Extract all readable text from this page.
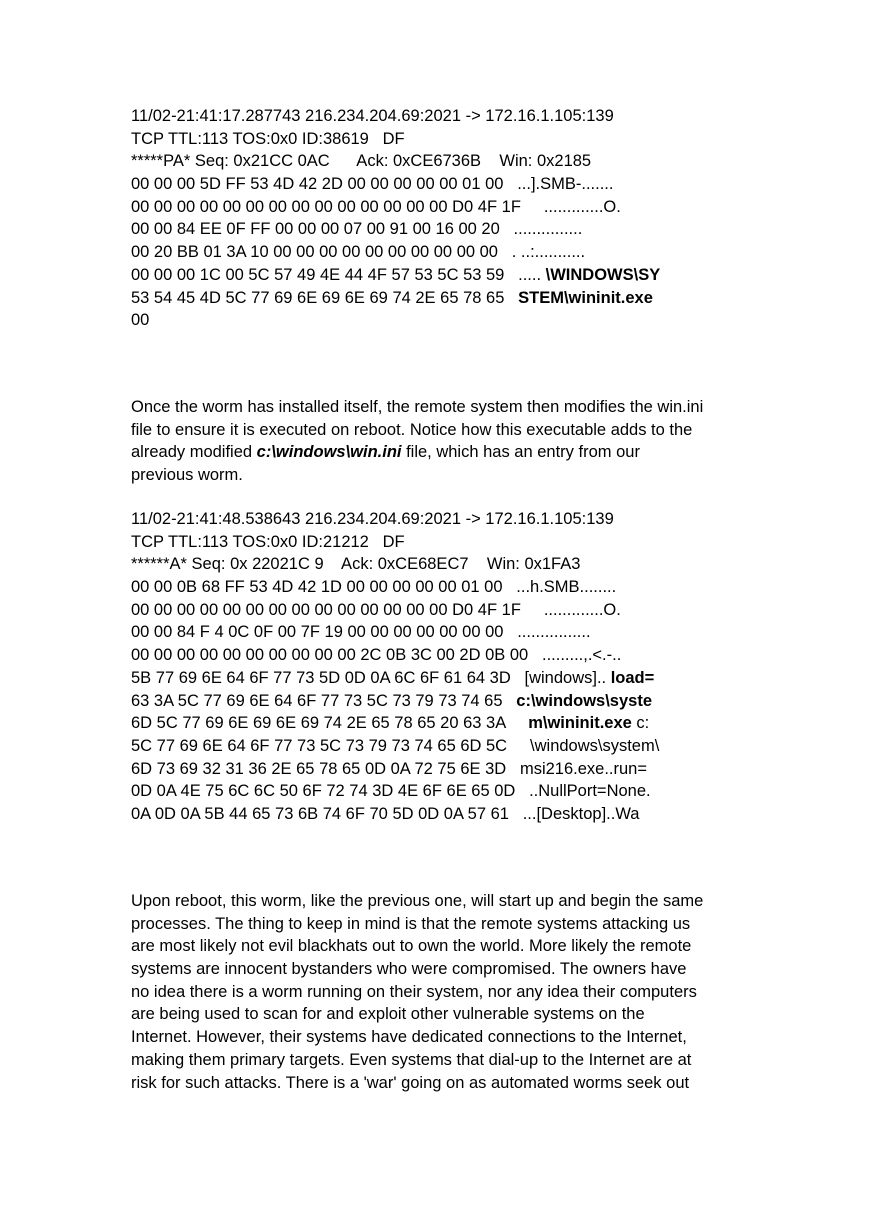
11/02-21:41:17.287743 216.234.204.69:2021 -> 172.16.1.105:139
TCP TTL:113 TOS:0x0 ID:38619   DF
*****PA* Seq: 0x21CC 0AC      Ack: 0xCE6736B    Win: 0x2185
00 00 00 5D FF 53 4D 42 2D 00 00 00 00 00 01 00   ...].SMB-.......
00 00 00 00 00 00 00 00 00 00 00 00 00 00 D0 4F 1F     .............O.
00 00 84 EE 0F FF 00 00 00 07 00 91 00 16 00 20   ...............
00 20 BB 01 3A 10 00 00 00 00 00 00 00 00 00 00   . ..:...........
00 00 00 1C 00 5C 57 49 4E 44 4F 57 53 5C 53 59   ..... \WINDOWS\SY
53 54 45 4D 5C 77 69 6E 69 6E 69 74 2E 65 78 65   STEM\wininit.exe
00
Once the worm has installed itself, the remote system then modifies the win.ini
file to ensure it is executed on reboot. Notice how this executable adds to the
already modified c:\windows\win.ini file, which has an entry from our
previous worm.
11/02-21:41:48.538643 216.234.204.69:2021 -> 172.16.1.105:139
TCP TTL:113 TOS:0x0 ID:21212   DF
******A* Seq: 0x 22021C 9    Ack: 0xCE68EC7    Win: 0x1FA3
00 00 0B 68 FF 53 4D 42 1D 00 00 00 00 00 01 00   ...h.SMB........
00 00 00 00 00 00 00 00 00 00 00 00 00 00 D0 4F 1F     .............O.
00 00 84 F 4 0C 0F 00 7F 19 00 00 00 00 00 00 00   ................
00 00 00 00 00 00 00 00 00 00 2C 0B 3C 00 2D 0B 00   .........,.<.-..
5B 77 69 6E 64 6F 77 73 5D 0D 0A 6C 6F 61 64 3D   [windows].. load=
63 3A 5C 77 69 6E 64 6F 77 73 5C 73 79 73 74 65   c:\windows\syste
6D 5C 77 69 6E 69 6E 69 74 2E 65 78 65 20 63 3A     m\wininit.exe c:
5C 77 69 6E 64 6F 77 73 5C 73 79 73 74 65 6D 5C     \windows\system\
6D 73 69 32 31 36 2E 65 78 65 0D 0A 72 75 6E 3D   msi216.exe..run=
0D 0A 4E 75 6C 6C 50 6F 72 74 3D 4E 6F 6E 65 0D   ..NullPort=None.
0A 0D 0A 5B 44 65 73 6B 74 6F 70 5D 0D 0A 57 61   ...[Desktop]..Wa
Upon reboot, this worm, like the previous one, will start up and begin the same
processes. The thing to keep in mind is that the remote systems attacking us
are most likely not evil blackhats out to own the world. More likely the remote
systems are innocent bystanders who were compromised. The owners have
no idea there is a worm running on their system, nor any idea their computers
are being used to scan for and exploit other vulnerable systems on the
Internet. However, their systems have dedicated connections to the Internet,
making them primary targets. Even systems that dial-up to the Internet are at
risk for such attacks. There is a 'war' going on as automated worms seek out
